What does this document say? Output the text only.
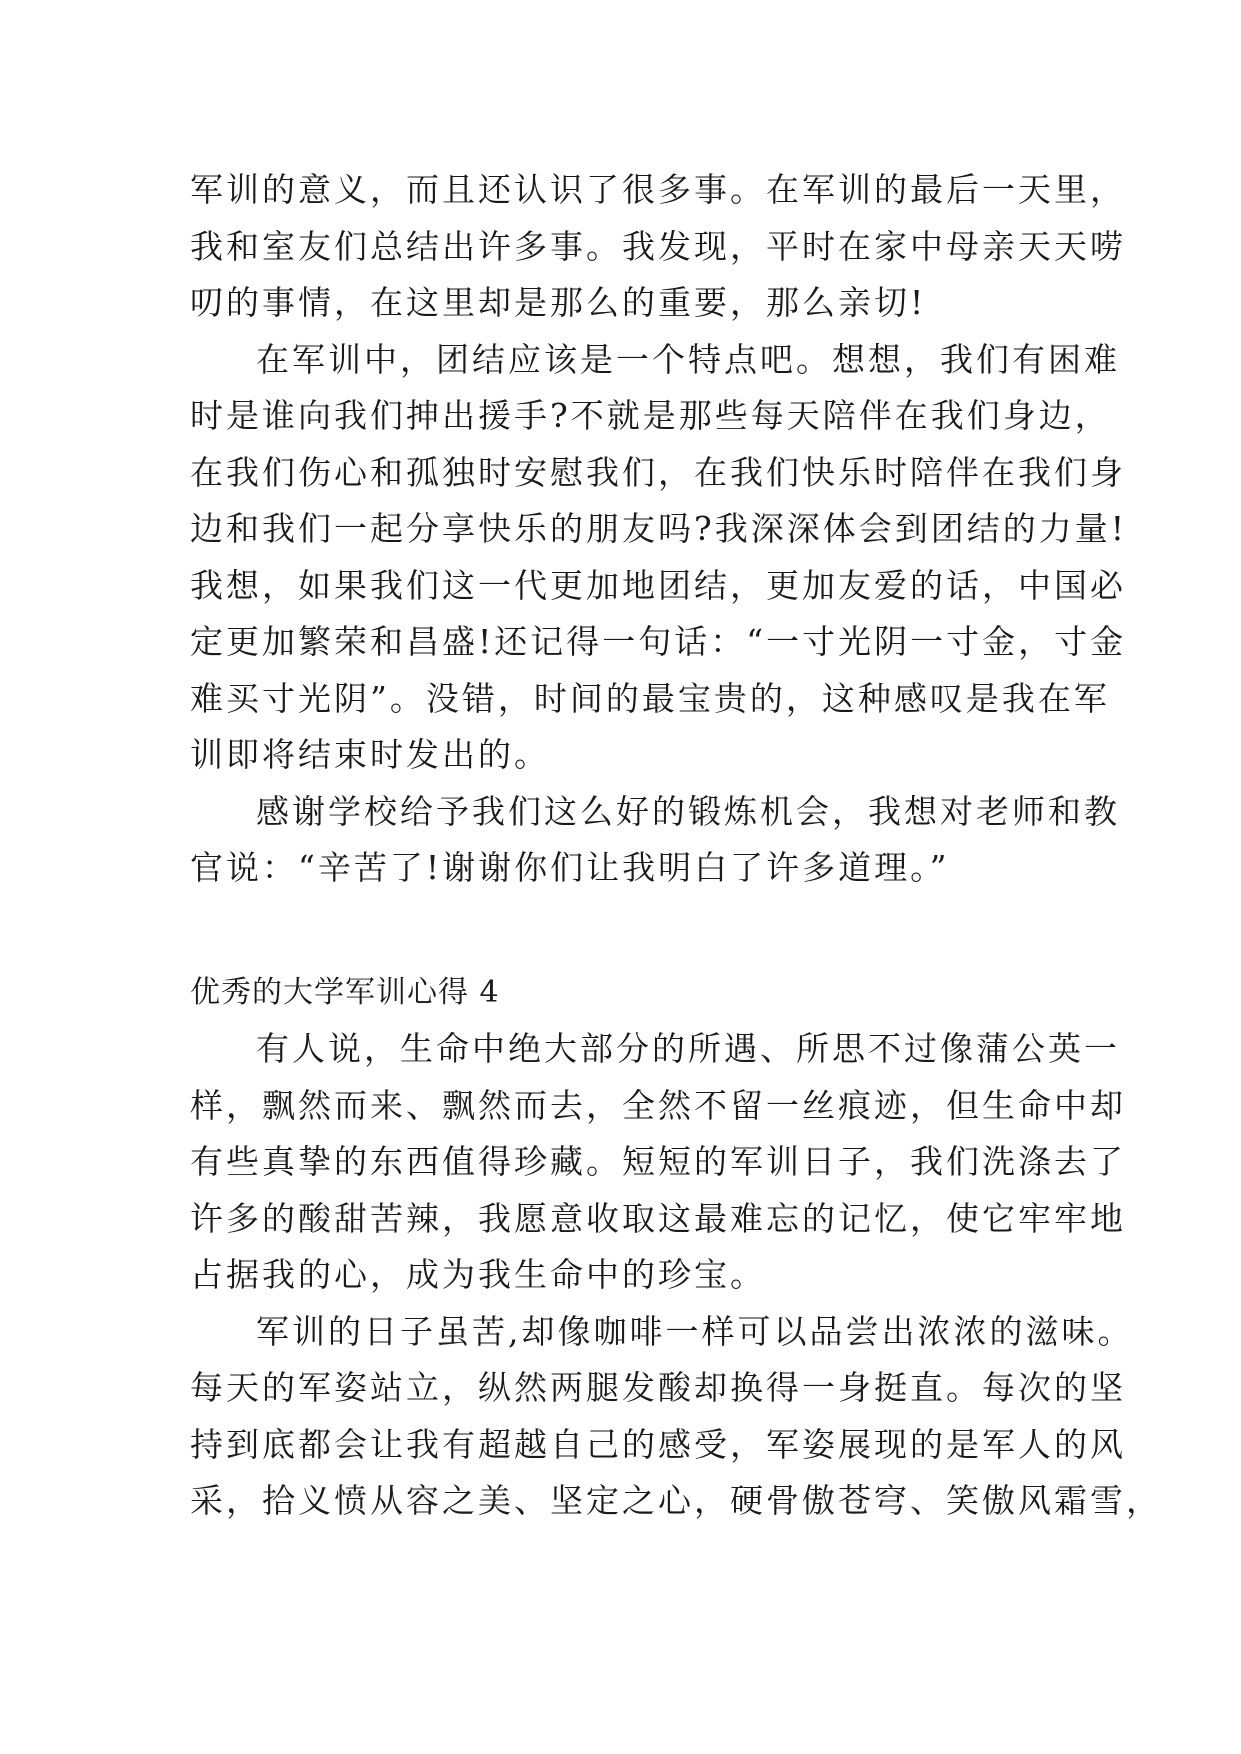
军训的意义，而且还认识了很多事。在军训的最后一天里，
我和室友们总结出许多事。我发现，平时在家中母亲天天唠
叨的事情，在这里却是那么的重要，那么亲切!
在军训中，团结应该是一个特点吧。想想，我们有困难
时是谁向我们抻出援手?不就是那些每天陪伴在我们身边，
在我们伤心和孤独时安慰我们，在我们快乐时陪伴在我们身
边和我们一起分享快乐的朋友吗?我深深体会到团结的力量!
我想，如果我们这一代更加地团结，更加友爱的话，中国必
定更加繁荣和昌盛!还记得一句话：“一寸光阴一寸金，寸金
难买寸光阴”。没错，时间的最宝贵的，这种感叹是我在军
训即将结束时发出的。
感谢学校给予我们这么好的锻炼机会，我想对老师和教
官说：“辛苦了!谢谢你们让我明白了许多道理。”
优秀的大学军训心得 4
有人说，生命中绝大部分的所遇、所思不过像蒲公英一
样，飘然而来、飘然而去，全然不留一丝痕迹，但生命中却
有些真挚的东西值得珍藏。短短的军训日子，我们洗涤去了
许多的酸甜苦辣，我愿意收取这最难忘的记忆，使它牢牢地
占据我的心，成为我生命中的珍宝。
军训的日子虽苦,却像咖啡一样可以品尝出浓浓的滋味。
每天的军姿站立，纵然两腿发酸却换得一身挺直。每次的坚
持到底都会让我有超越自己的感受，军姿展现的是军人的风
采，拾义愤从容之美、坚定之心，硬骨傲苍穹、笑傲风霜雪，
